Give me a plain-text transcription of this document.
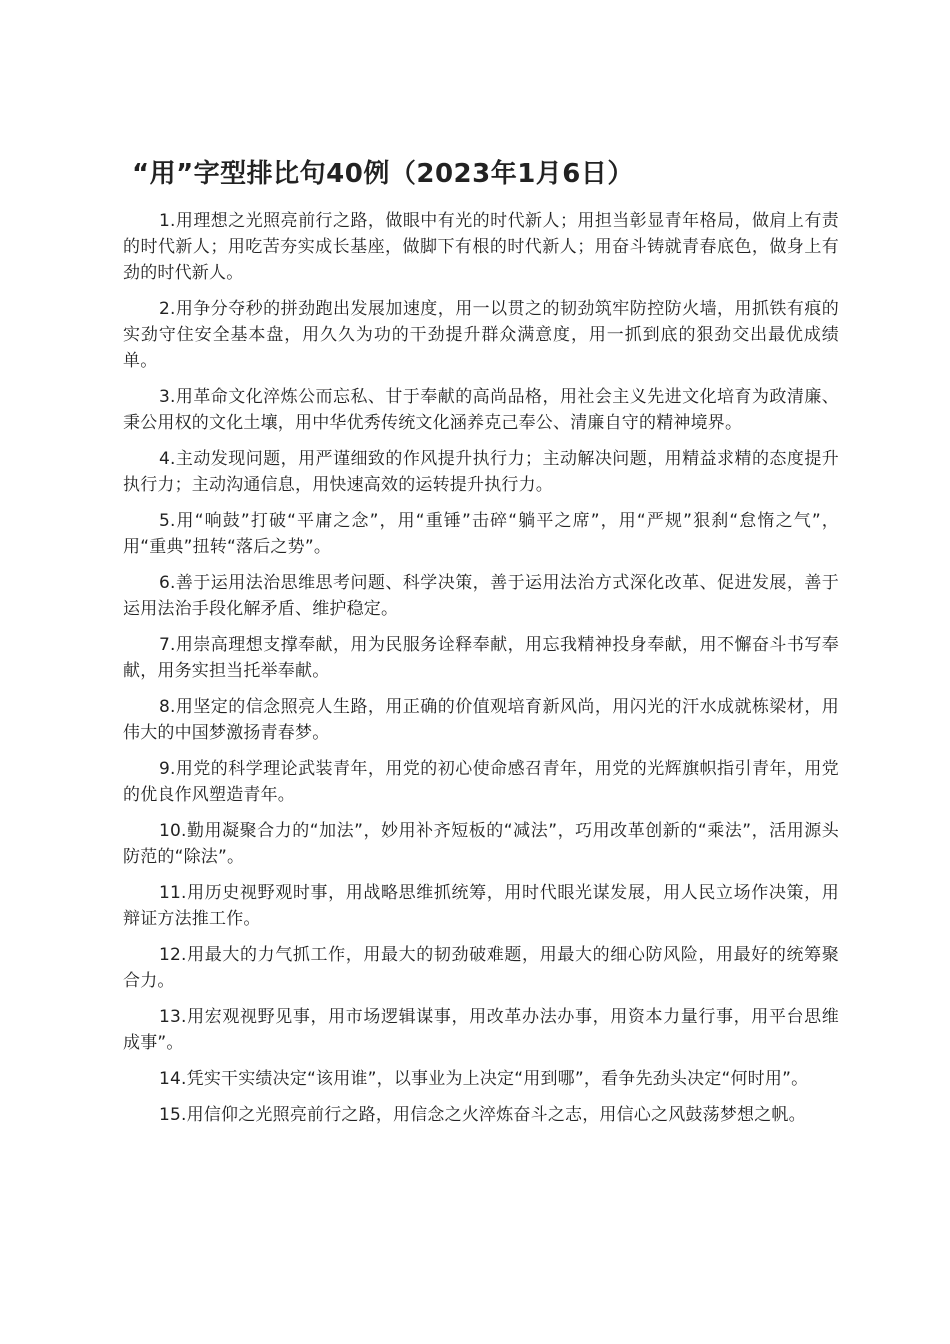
“用”字型排比句40例（2023年1月6日）

1.用理想之光照亮前行之路，做眼中有光的时代新人；用担当彰显青年格局，做肩上有责的时代新人；用吃苦夯实成长基座，做脚下有根的时代新人；用奋斗铸就青春底色，做身上有劲的时代新人。

2.用争分夺秒的拼劲跑出发展加速度，用一以贯之的韧劲筑牢防控防火墙，用抓铁有痕的实劲守住安全基本盘，用久久为功的干劲提升群众满意度，用一抓到底的狠劲交出最优成绩单。

3.用革命文化淬炼公而忘私、甘于奉献的高尚品格，用社会主义先进文化培育为政清廉、秉公用权的文化土壤，用中华优秀传统文化涵养克己奉公、清廉自守的精神境界。

4.主动发现问题，用严谨细致的作风提升执行力；主动解决问题，用精益求精的态度提升执行力；主动沟通信息，用快速高效的运转提升执行力。

5.用“响鼓”打破“平庸之念”，用“重锤”击碎“躺平之席”，用“严规”狠刹“怠惰之气”，用“重典”扭转“落后之势”。

6.善于运用法治思维思考问题、科学决策，善于运用法治方式深化改革、促进发展，善于运用法治手段化解矛盾、维护稳定。

7.用崇高理想支撑奉献，用为民服务诠释奉献，用忘我精神投身奉献，用不懈奋斗书写奉献，用务实担当托举奉献。

8.用坚定的信念照亮人生路，用正确的价值观培育新风尚，用闪光的汗水成就栋梁材，用伟大的中国梦激扬青春梦。

9.用党的科学理论武装青年，用党的初心使命感召青年，用党的光辉旗帜指引青年，用党的优良作风塑造青年。

10.勤用凝聚合力的“加法”，妙用补齐短板的“减法”，巧用改革创新的“乘法”，活用源头防范的“除法”。

11.用历史视野观时事，用战略思维抓统筹，用时代眼光谋发展，用人民立场作决策，用辩证方法推工作。

12.用最大的力气抓工作，用最大的韧劲破难题，用最大的细心防风险，用最好的统筹聚合力。

13.用宏观视野见事，用市场逻辑谋事，用改革办法办事，用资本力量行事，用平台思维成事”。

14.凭实干实绩决定“该用谁”，以事业为上决定“用到哪”，看争先劲头决定“何时用”。

15.用信仰之光照亮前行之路，用信念之火淬炼奋斗之志，用信心之风鼓荡梦想之帆。
